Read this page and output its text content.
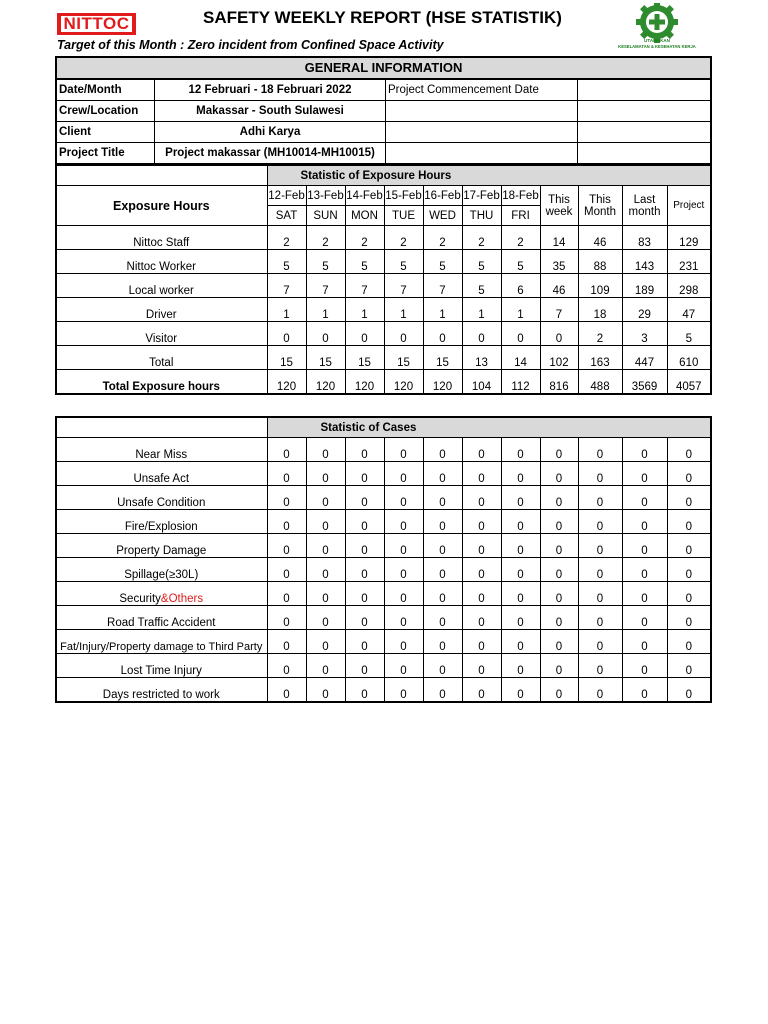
NITTOC	SAFETY WEEKLY REPORT (HSE STATISTIK)
Target of this Month : Zero incident from Confined Space Activity	UTAMAKAN
KESELAMATAN & KESEHATAN KERJA
GENERAL INFORMATION
Date/Month	12 Februari - 18 Februari 2022	Project Commencement Date
Crew/Location	Makassar - South Sulawesi
Client	Adhi Karya
Project Title	Project makassar (MH10014-MH10015)
	Statistic of Exposure Hours										
Exposure Hours	12-Feb	13-Feb	14-Feb	15-Feb	16-Feb	17-Feb	18-Feb	This week	This Month	Last month	Project
	SAT	SUN	MON	TUE	WED	THU	FRI				
Nittoc Staff	2	2	2	2	2	2	2	14	46	83	129
Nittoc Worker	5	5	5	5	5	5	5	35	88	143	231
Local worker	7	7	7	7	7	5	6	46	109	189	298
Driver	1	1	1	1	1	1	1	7	18	29	47
Visitor	0	0	0	0	0	0	0	0	2	3	5
Total	15	15	15	15	15	13	14	102	163	447	610
Total Exposure hours	120	120	120	120	120	104	112	816	488	3569	4057
	Statistic of Cases										
Near Miss	0	0	0	0	0	0	0	0	0	0	0
Unsafe Act	0	0	0	0	0	0	0	0	0	0	0
Unsafe Condition	0	0	0	0	0	0	0	0	0	0	0
Fire/Explosion	0	0	0	0	0	0	0	0	0	0	0
Property Damage	0	0	0	0	0	0	0	0	0	0	0
Spillage(≥30L)	0	0	0	0	0	0	0	0	0	0	0
Security&Others	0	0	0	0	0	0	0	0	0	0	0
Road Traffic Accident	0	0	0	0	0	0	0	0	0	0	0
Fat/Injury/Property damage to Third Party	0	0	0	0	0	0	0	0	0	0	0
Lost Time Injury	0	0	0	0	0	0	0	0	0	0	0
Days restricted to work	0	0	0	0	0	0	0	0	0	0	0
